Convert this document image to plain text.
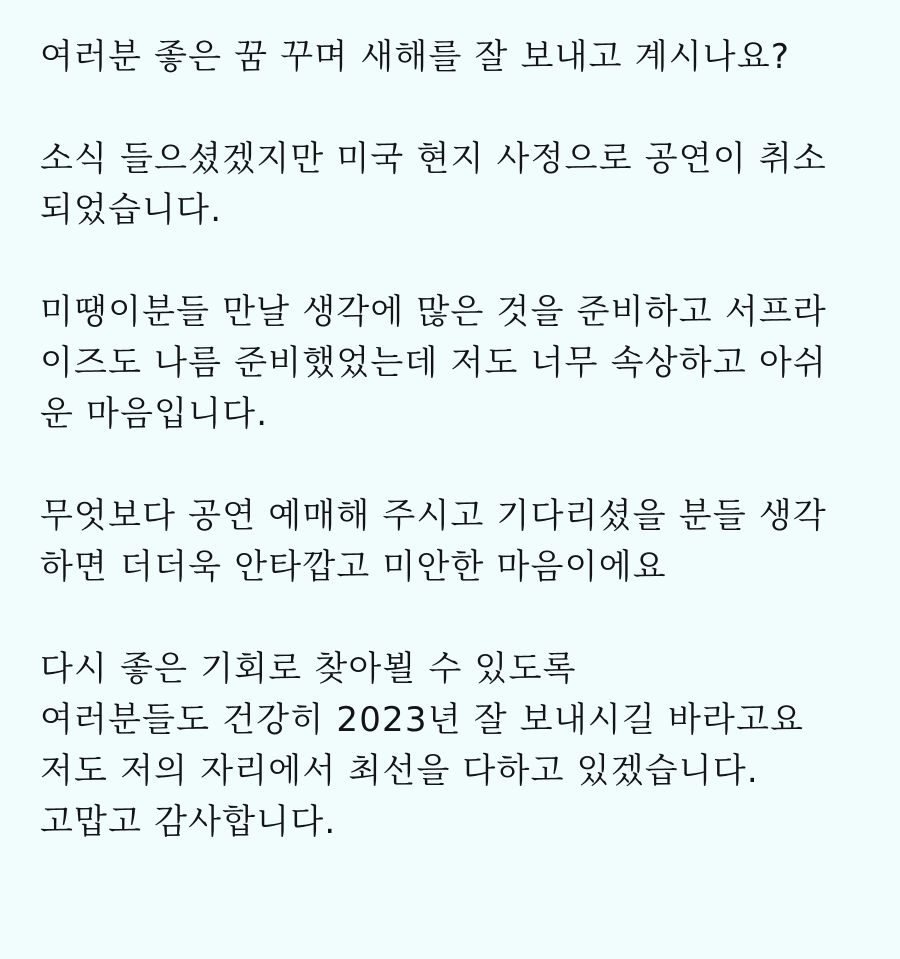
여러분 좋은 꿈 꾸며 새해를 잘 보내고 계시나요?
소식 들으셨겠지만 미국 현지 사정으로 공연이 취소
되었습니다.
미땡이분들 만날 생각에 많은 것을 준비하고 서프라
이즈도 나름 준비했었는데 저도 너무 속상하고 아쉬
운 마음입니다.
무엇보다 공연 예매해 주시고 기다리셨을 분들 생각
하면 더더욱 안타깝고 미안한 마음이에요
다시 좋은 기회로 찾아뵐 수 있도록
여러분들도 건강히 2023년 잘 보내시길 바라고요
저도 저의 자리에서 최선을 다하고 있겠습니다.
고맙고 감사합니다.
